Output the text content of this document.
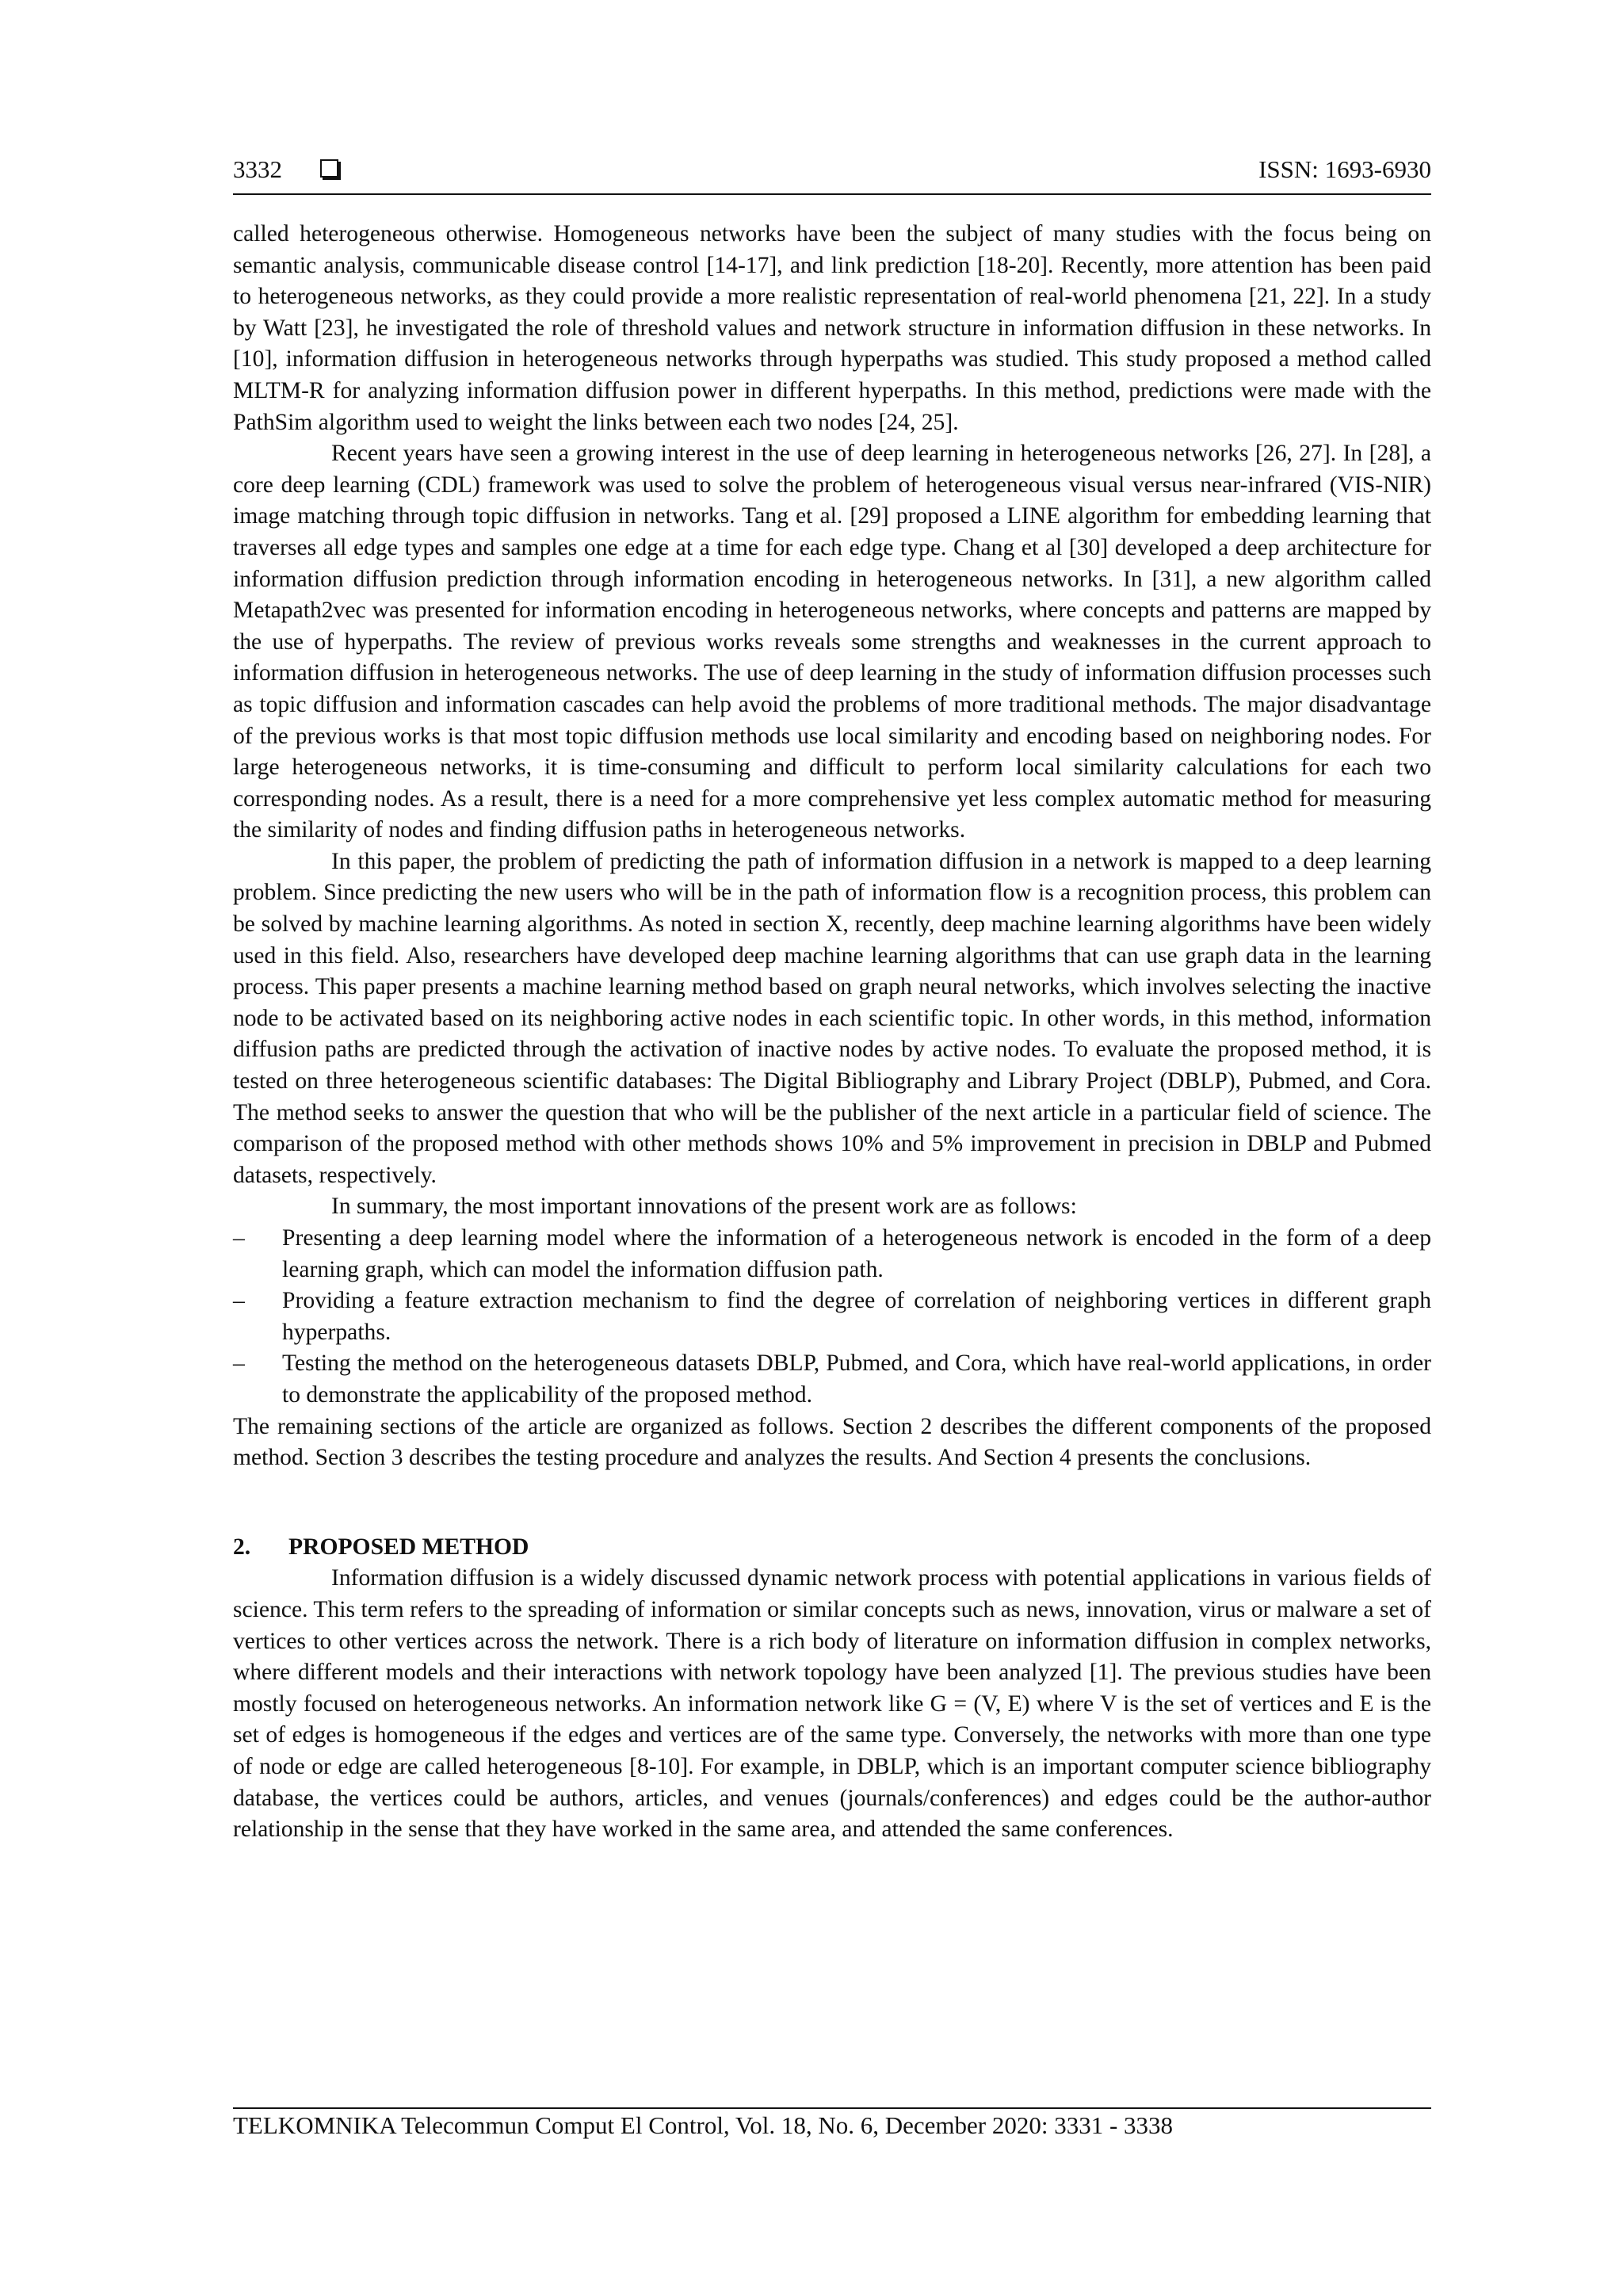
3332	ISSN: 1693-6930

called heterogeneous otherwise. Homogeneous networks have been the subject of many studies with the focus being on semantic analysis, communicable disease control [14-17], and link prediction [18-20]. Recently, more attention has been paid to heterogeneous networks, as they could provide a more realistic representation of real-world phenomena [21, 22]. In a study by Watt [23], he investigated the role of threshold values and network structure in information diffusion in these networks. In [10], information diffusion in heterogeneous networks through hyperpaths was studied. This study proposed a method called MLTM-R for analyzing information diffusion power in different hyperpaths. In this method, predictions were made with the PathSim algorithm used to weight the links between each two nodes [24, 25].

Recent years have seen a growing interest in the use of deep learning in heterogeneous networks [26, 27]. In [28], a core deep learning (CDL) framework was used to solve the problem of heterogeneous visual versus near-infrared (VIS-NIR) image matching through topic diffusion in networks. Tang et al. [29] proposed a LINE algorithm for embedding learning that traverses all edge types and samples one edge at a time for each edge type. Chang et al [30] developed a deep architecture for information diffusion prediction through information encoding in heterogeneous networks. In [31], a new algorithm called Metapath2vec was presented for information encoding in heterogeneous networks, where concepts and patterns are mapped by the use of hyperpaths. The review of previous works reveals some strengths and weaknesses in the current approach to information diffusion in heterogeneous networks. The use of deep learning in the study of information diffusion processes such as topic diffusion and information cascades can help avoid the problems of more traditional methods. The major disadvantage of the previous works is that most topic diffusion methods use local similarity and encoding based on neighboring nodes. For large heterogeneous networks, it is time-consuming and difficult to perform local similarity calculations for each two corresponding nodes. As a result, there is a need for a more comprehensive yet less complex automatic method for measuring the similarity of nodes and finding diffusion paths in heterogeneous networks.

In this paper, the problem of predicting the path of information diffusion in a network is mapped to a deep learning problem. Since predicting the new users who will be in the path of information flow is a recognition process, this problem can be solved by machine learning algorithms. As noted in section X, recently, deep machine learning algorithms have been widely used in this field. Also, researchers have developed deep machine learning algorithms that can use graph data in the learning process. This paper presents a machine learning method based on graph neural networks, which involves selecting the inactive node to be activated based on its neighboring active nodes in each scientific topic. In other words, in this method, information diffusion paths are predicted through the activation of inactive nodes by active nodes. To evaluate the proposed method, it is tested on three heterogeneous scientific databases: The Digital Bibliography and Library Project (DBLP), Pubmed, and Cora. The method seeks to answer the question that who will be the publisher of the next article in a particular field of science. The comparison of the proposed method with other methods shows 10% and 5% improvement in precision in DBLP and Pubmed datasets, respectively.

In summary, the most important innovations of the present work are as follows:

– Presenting a deep learning model where the information of a heterogeneous network is encoded in the form of a deep learning graph, which can model the information diffusion path.
– Providing a feature extraction mechanism to find the degree of correlation of neighboring vertices in different graph hyperpaths.
– Testing the method on the heterogeneous datasets DBLP, Pubmed, and Cora, which have real-world applications, in order to demonstrate the applicability of the proposed method.

The remaining sections of the article are organized as follows. Section 2 describes the different components of the proposed method. Section 3 describes the testing procedure and analyzes the results. And Section 4 presents the conclusions.

2. PROPOSED METHOD

Information diffusion is a widely discussed dynamic network process with potential applications in various fields of science. This term refers to the spreading of information or similar concepts such as news, innovation, virus or malware a set of vertices to other vertices across the network. There is a rich body of literature on information diffusion in complex networks, where different models and their interactions with network topology have been analyzed [1]. The previous studies have been mostly focused on heterogeneous networks. An information network like G = (V, E) where V is the set of vertices and E is the set of edges is homogeneous if the edges and vertices are of the same type. Conversely, the networks with more than one type of node or edge are called heterogeneous [8-10]. For example, in DBLP, which is an important computer science bibliography database, the vertices could be authors, articles, and venues (journals/conferences) and edges could be the author-author relationship in the sense that they have worked in the same area, and attended the same conferences.

TELKOMNIKA Telecommun Comput El Control, Vol. 18, No. 6, December 2020: 3331 - 3338
